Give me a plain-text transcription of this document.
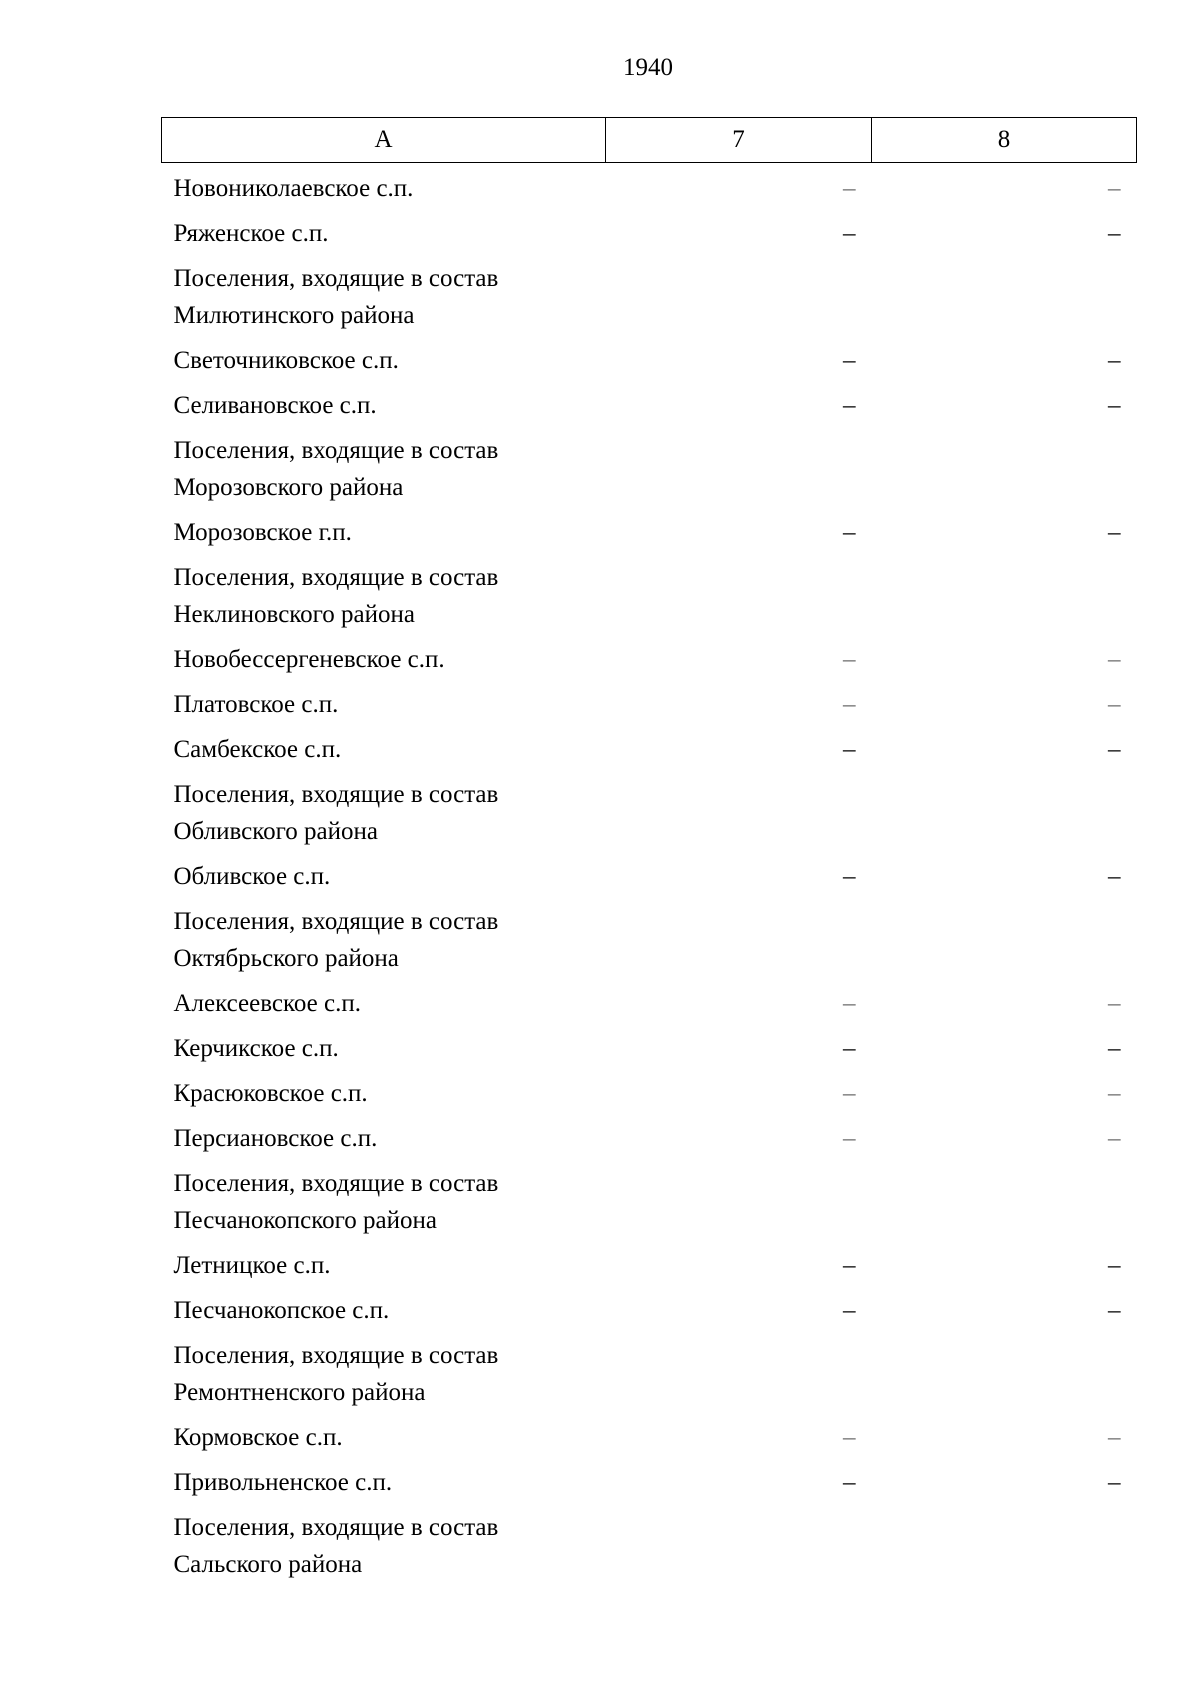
1940
А	7	8
Новониколаевское с.п.	–	–
Ряженское с.п.	–	–
Поселения, входящие в состав Милютинского района		
Светочниковское с.п.	–	–
Селивановское с.п.	–	–
Поселения, входящие в состав Морозовского района		
Морозовское г.п.	–	–
Поселения, входящие в состав Неклиновского района		
Новобессергеневское с.п.	–	–
Платовское с.п.	–	–
Самбекское с.п.	–	–
Поселения, входящие в состав Обливского района		
Обливское с.п.	–	–
Поселения, входящие в состав Октябрьского района		
Алексеевское с.п.	–	–
Керчикское с.п.	–	–
Красюковское с.п.	–	–
Персиановское с.п.	–	–
Поселения, входящие в состав Песчанокопского района		
Летницкое с.п.	–	–
Песчанокопское с.п.	–	–
Поселения, входящие в состав Ремонтненского района		
Кормовское с.п.	–	–
Привольненское с.п.	–	–
Поселения, входящие в состав Сальского района		
